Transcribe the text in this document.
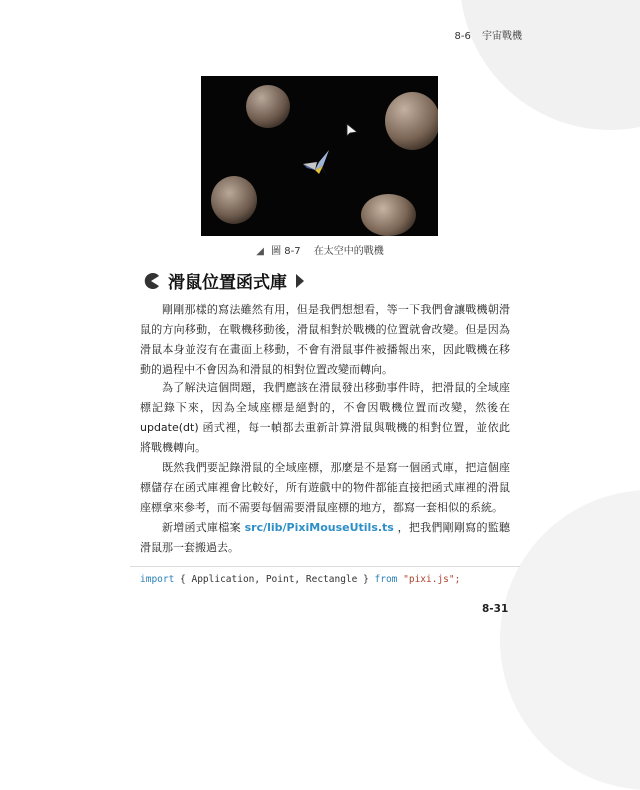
8-6 宇宙戰機
◢ 圖 8-7 在太空中的戰機
滑鼠位置函式庫

剛剛那樣的寫法雖然有用，但是我們想想看，等一下我們會讓戰機朝滑鼠的方向移動，在戰機移動後，滑鼠相對於戰機的位置就會改變。但是因為滑鼠本身並沒有在畫面上移動，不會有滑鼠事件被播報出來，因此戰機在移動的過程中不會因為和滑鼠的相對位置改變而轉向。

為了解決這個問題，我們應該在滑鼠發出移動事件時，把滑鼠的全域座標記錄下來，因為全域座標是絕對的，不會因戰機位置而改變，然後在 update(dt) 函式裡，每一幀都去重新計算滑鼠與戰機的相對位置，並依此將戰機轉向。

既然我們要記錄滑鼠的全域座標，那麼是不是寫一個函式庫，把這個座標儲存在函式庫裡會比較好，所有遊戲中的物件都能直接把函式庫裡的滑鼠座標拿來參考，而不需要每個需要滑鼠座標的地方，都寫一套相似的系統。

新增函式庫檔案 src/lib/PixiMouseUtils.ts ，把我們剛剛寫的監聽滑鼠那一套搬過去。

import { Application, Point, Rectangle } from "pixi.js";
8-31
